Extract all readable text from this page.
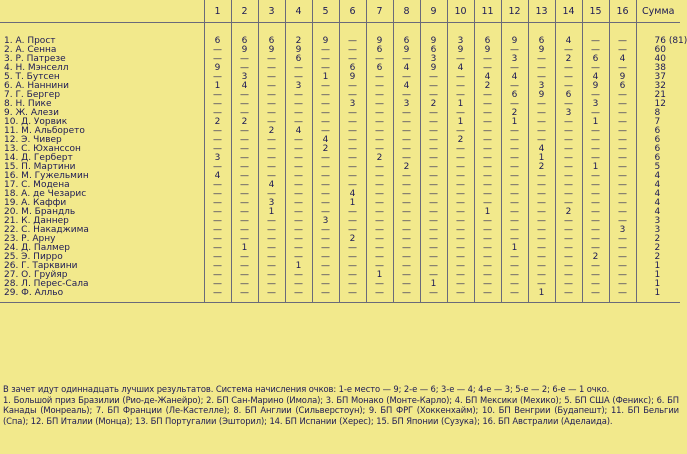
	1	2	3	4	5	6	7	8	9	10	11	12	13	14	15	16	Сумма
1. А. Прост	6	6	6	2	9	—	9	6	9	3	6	9	6	4	—	—	76 (81)
2. А. Сенна	—	9	9	9	—	—	6	9	6	9	9	—	9	—	—	—	60
3. Р. Патрезе	—	—	—	6	—	—	—	—	3	—	—	3	—	2	6	4	40
4. Н. Мэнселл	9	—	—	—	—	6	6	4	9	4	—	—	—	—	—	—	38
5. Т. Бутсен	—	3	—	—	1	9	—	—	—	—	4	4	—	—	4	9	37
6. А. Наннини	1	4	—	3	—	—	—	4	—	—	2	—	3	—	9	6	32
7. Г. Бергер	—	—	—	—	—	—	—	—	—	—	—	6	9	6	—	—	21
8. Н. Пике	—	—	—	—	—	3	—	3	2	1	—	—	—	—	3	—	12
9. Ж. Алези	—	—	—	—	—	—	—	—	—	—	—	2	—	3	—	—	8
10. Д. Уорвик	2	2	—	—	—	—	—	—	—	1	—	1	—	—	1	—	7
11. М. Альборето	—	—	2	4	—	—	—	—	—	—	—	—	—	—	—	—	6
12. Э. Чивер	—	—	—	—	4	—	—	—	—	2	—	—	—	—	—	—	6
13. С. Юханссон	—	—	—	—	2	—	—	—	—	—	—	—	4	—	—	—	6
14. Д. Герберт	3	—	—	—	—	—	2	—	—	—	—	—	1	—	—	—	6
15. П. Мартини	—	—	—	—	—	—	—	2	—	—	—	—	2	—	1	—	5
16. М. Гужельмин	4	—	—	—	—	—	—	—	—	—	—	—	—	—	—	—	4
17. С. Модена	—	—	4	—	—	—	—	—	—	—	—	—	—	—	—	—	4
18. А. де Чезарис	—	—	—	—	—	4	—	—	—	—	—	—	—	—	—	—	4
19. А. Каффи	—	—	3	—	—	1	—	—	—	—	—	—	—	—	—	—	4
20. М. Брандль	—	—	1	—	—	—	—	—	—	—	1	—	—	2	—	—	4
21. К. Даннер	—	—	—	—	3	—	—	—	—	—	—	—	—	—	—	—	3
22. С. Накаджима	—	—	—	—	—	—	—	—	—	—	—	—	—	—	—	3	3
23. Р. Арну	—	—	—	—	—	2	—	—	—	—	—	—	—	—	—	—	2
24. Д. Палмер	—	1	—	—	—	—	—	—	—	—	—	1	—	—	—	—	2
25. Э. Пирро	—	—	—	—	—	—	—	—	—	—	—	—	—	—	2	—	2
26. Г. Тарквини	—	—	—	1	—	—	—	—	—	—	—	—	—	—	—	—	1
27. О. Груйяр	—	—	—	—	—	—	1	—	—	—	—	—	—	—	—	—	1
28. Л. Перес-Сала	—	—	—	—	—	—	—	—	1	—	—	—	—	—	—	—	1
29. Ф. Алльо	—	—	—	—	—	—	—	—	—	—	—	—	1	—	—	—	1

В зачет идут одиннадцать лучших результатов. Система начисления очков: 1-е место — 9; 2-е — 6; 3-е — 4; 4-е — 3; 5-е — 2; 6-е — 1 очко.

1. Большой приз Бразилии (Рио-де-Жанейро); 2. БП Сан-Марино (Имола); 3. БП Монако (Монте-Карло); 4. БП Мексики (Мехико); 5. БП США (Феникс); 6. БП Канады (Монреаль); 7. БП Франции (Ле-Кастелле); 8. БП Англии (Сильверстоун); 9. БП ФРГ (Хоккенхайм); 10. БП Венгрии (Будапешт); 11. БП Бельгии (Спа); 12. БП Италии (Монца); 13. БП Португалии (Эшторил); 14. БП Испании (Херес); 15. БП Японии (Сузука); 16. БП Австралии (Аделаида).
